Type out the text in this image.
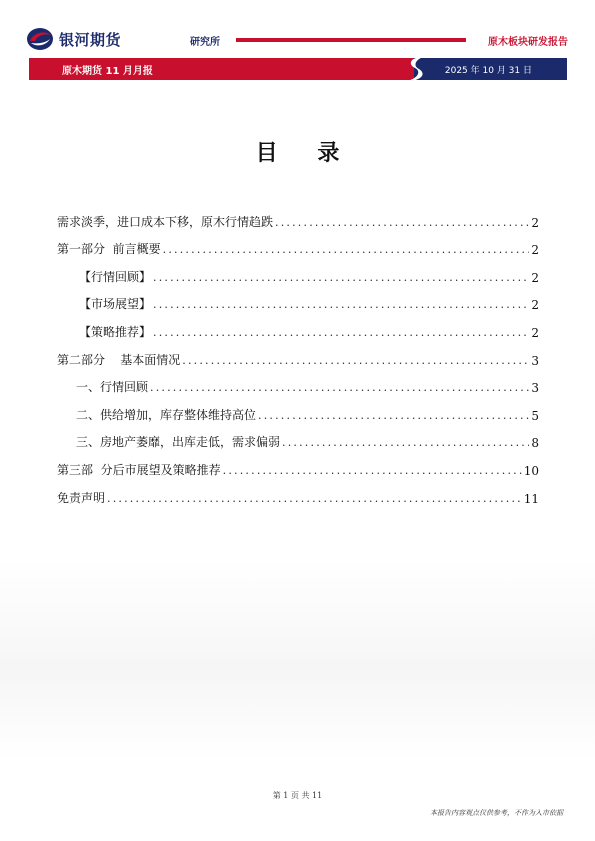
银河期货	研究所	原木板块研发报告
原木期货 11 月月报	2025 年 10 月 31 日
目 录
需求淡季，进口成本下移，原木行情趋跌 .....	2
第一部分  前言概要 .....	2
【行情回顾】 .....	2
【市场展望】 .....	2
【策略推荐】 .....	2
第二部分    基本面情况 .....	3
一、行情回顾 .....	3
二、供给增加，库存整体维持高位 .....	5
三、房地产萎靡，出库走低，需求偏弱 .....	8
第三部  分后市展望及策略推荐 .....	10
免责声明 .....	11
第 1 页 共 11
本报告内容观点仅供参考，不作为入市依据
